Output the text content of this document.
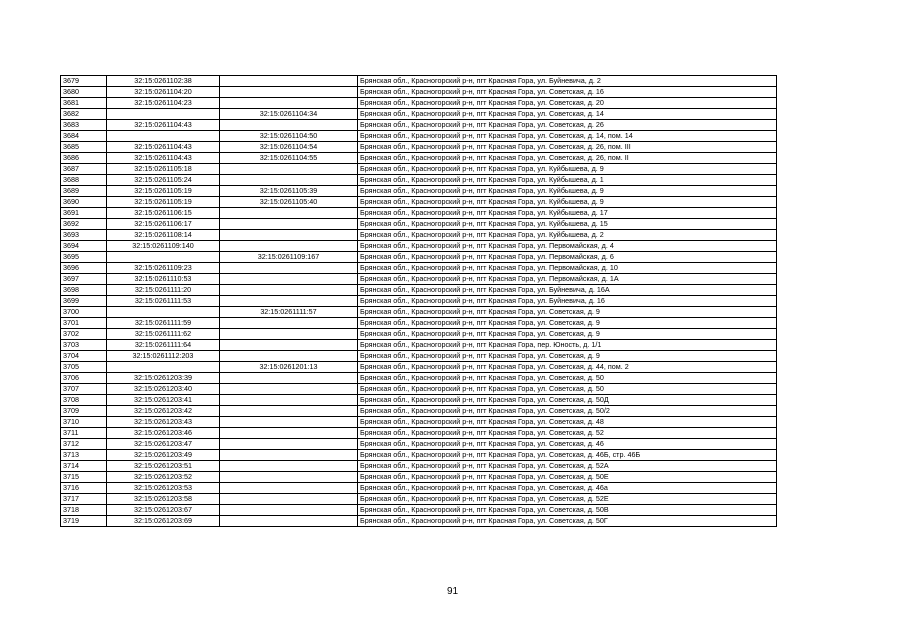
3679	32:15:0261102:38		Брянская обл., Красногорский р-н, пгт Красная Гора, ул. Буйневича, д. 2
3680	32:15:0261104:20		Брянская обл., Красногорский р-н, пгт Красная Гора, ул. Советская, д. 16
3681	32:15:0261104:23		Брянская обл., Красногорский р-н, пгт Красная Гора, ул. Советская, д. 20
3682		32:15:0261104:34	Брянская обл., Красногорский р-н, пгт Красная Гора, ул. Советская, д. 14
3683	32:15:0261104:43		Брянская обл., Красногорский р-н, пгт Красная Гора, ул. Советская, д. 26
3684		32:15:0261104:50	Брянская обл., Красногорский р-н, пгт Красная Гора, ул. Советская, д. 14, пом. 14
3685	32:15:0261104:43	32:15:0261104:54	Брянская обл., Красногорский р-н, пгт Красная Гора, ул. Советская, д. 26, пом. III
3686	32:15:0261104:43	32:15:0261104:55	Брянская обл., Красногорский р-н, пгт Красная Гора, ул. Советская, д. 26, пом. II
3687	32:15:0261105:18		Брянская обл., Красногорский р-н, пгт Красная Гора, ул. Куйбышева, д. 9
3688	32:15:0261105:24		Брянская обл., Красногорский р-н, пгт Красная Гора, ул. Куйбышева, д. 1
3689	32:15:0261105:19	32:15:0261105:39	Брянская обл., Красногорский р-н, пгт Красная Гора, ул. Куйбышева, д. 9
3690	32:15:0261105:19	32:15:0261105:40	Брянская обл., Красногорский р-н, пгт Красная Гора, ул. Куйбышева, д. 9
3691	32:15:0261106:15		Брянская обл., Красногорский р-н, пгт Красная Гора, ул. Куйбышева, д. 17
3692	32:15:0261106:17		Брянская обл., Красногорский р-н, пгт Красная Гора, ул. Куйбышева, д. 15
3693	32:15:0261108:14		Брянская обл., Красногорский р-н, пгт Красная Гора, ул. Куйбышева, д. 2
3694	32:15:0261109:140		Брянская обл., Красногорский р-н, пгт Красная Гора, ул. Первомайская, д. 4
3695		32:15:0261109:167	Брянская обл., Красногорский р-н, пгт Красная Гора, ул. Первомайская, д. 6
3696	32:15:0261109:23		Брянская обл., Красногорский р-н, пгт Красная Гора, ул. Первомайская, д. 10
3697	32:15:0261110:53		Брянская обл., Красногорский р-н, пгт Красная Гора, ул. Первомайская, д. 1А
3698	32:15:0261111:20		Брянская обл., Красногорский р-н, пгт Красная Гора, ул. Буйневича, д. 16А
3699	32:15:0261111:53		Брянская обл., Красногорский р-н, пгт Красная Гора, ул. Буйневича, д. 16
3700		32:15:0261111:57	Брянская обл., Красногорский р-н, пгт Красная Гора, ул. Советская, д. 9
3701	32:15:0261111:59		Брянская обл., Красногорский р-н, пгт Красная Гора, ул. Советская, д. 9
3702	32:15:0261111:62		Брянская обл., Красногорский р-н, пгт Красная Гора, ул. Советская, д. 9
3703	32:15:0261111:64		Брянская обл., Красногорский р-н, пгт Красная Гора, пер. Юность, д. 1/1
3704	32:15:0261112:203		Брянская обл., Красногорский р-н, пгт Красная Гора, ул. Советская, д. 9
3705		32:15:0261201:13	Брянская обл., Красногорский р-н, пгт Красная Гора, ул. Советская, д. 44, пом. 2
3706	32:15:0261203:39		Брянская обл., Красногорский р-н, пгт Красная Гора, ул. Советская, д. 50
3707	32:15:0261203:40		Брянская обл., Красногорский р-н, пгт Красная Гора, ул. Советская, д. 50
3708	32:15:0261203:41		Брянская обл., Красногорский р-н, пгт Красная Гора, ул. Советская, д. 50Д
3709	32:15:0261203:42		Брянская обл., Красногорский р-н, пгт Красная Гора, ул. Советская, д. 50/2
3710	32:15:0261203:43		Брянская обл., Красногорский р-н, пгт Красная Гора, ул. Советская, д. 48
3711	32:15:0261203:46		Брянская обл., Красногорский р-н, пгт Красная Гора, ул. Советская, д. 52
3712	32:15:0261203:47		Брянская обл., Красногорский р-н, пгт Красная Гора, ул. Советская, д. 46
3713	32:15:0261203:49		Брянская обл., Красногорский р-н, пгт Красная Гора, ул. Советская, д. 46Б, стр. 46Б
3714	32:15:0261203:51		Брянская обл., Красногорский р-н, пгт Красная Гора, ул. Советская, д. 52А
3715	32:15:0261203:52		Брянская обл., Красногорский р-н, пгт Красная Гора, ул. Советская, д. 50Е
3716	32:15:0261203:53		Брянская обл., Красногорский р-н, пгт Красная Гора, ул. Советская, д. 46а
3717	32:15:0261203:58		Брянская обл., Красногорский р-н, пгт Красная Гора, ул. Советская, д. 52Е
3718	32:15:0261203:67		Брянская обл., Красногорский р-н, пгт Красная Гора, ул. Советская, д. 50В
3719	32:15:0261203:69		Брянская обл., Красногорский р-н, пгт Красная Гора, ул. Советская, д. 50Г
91
